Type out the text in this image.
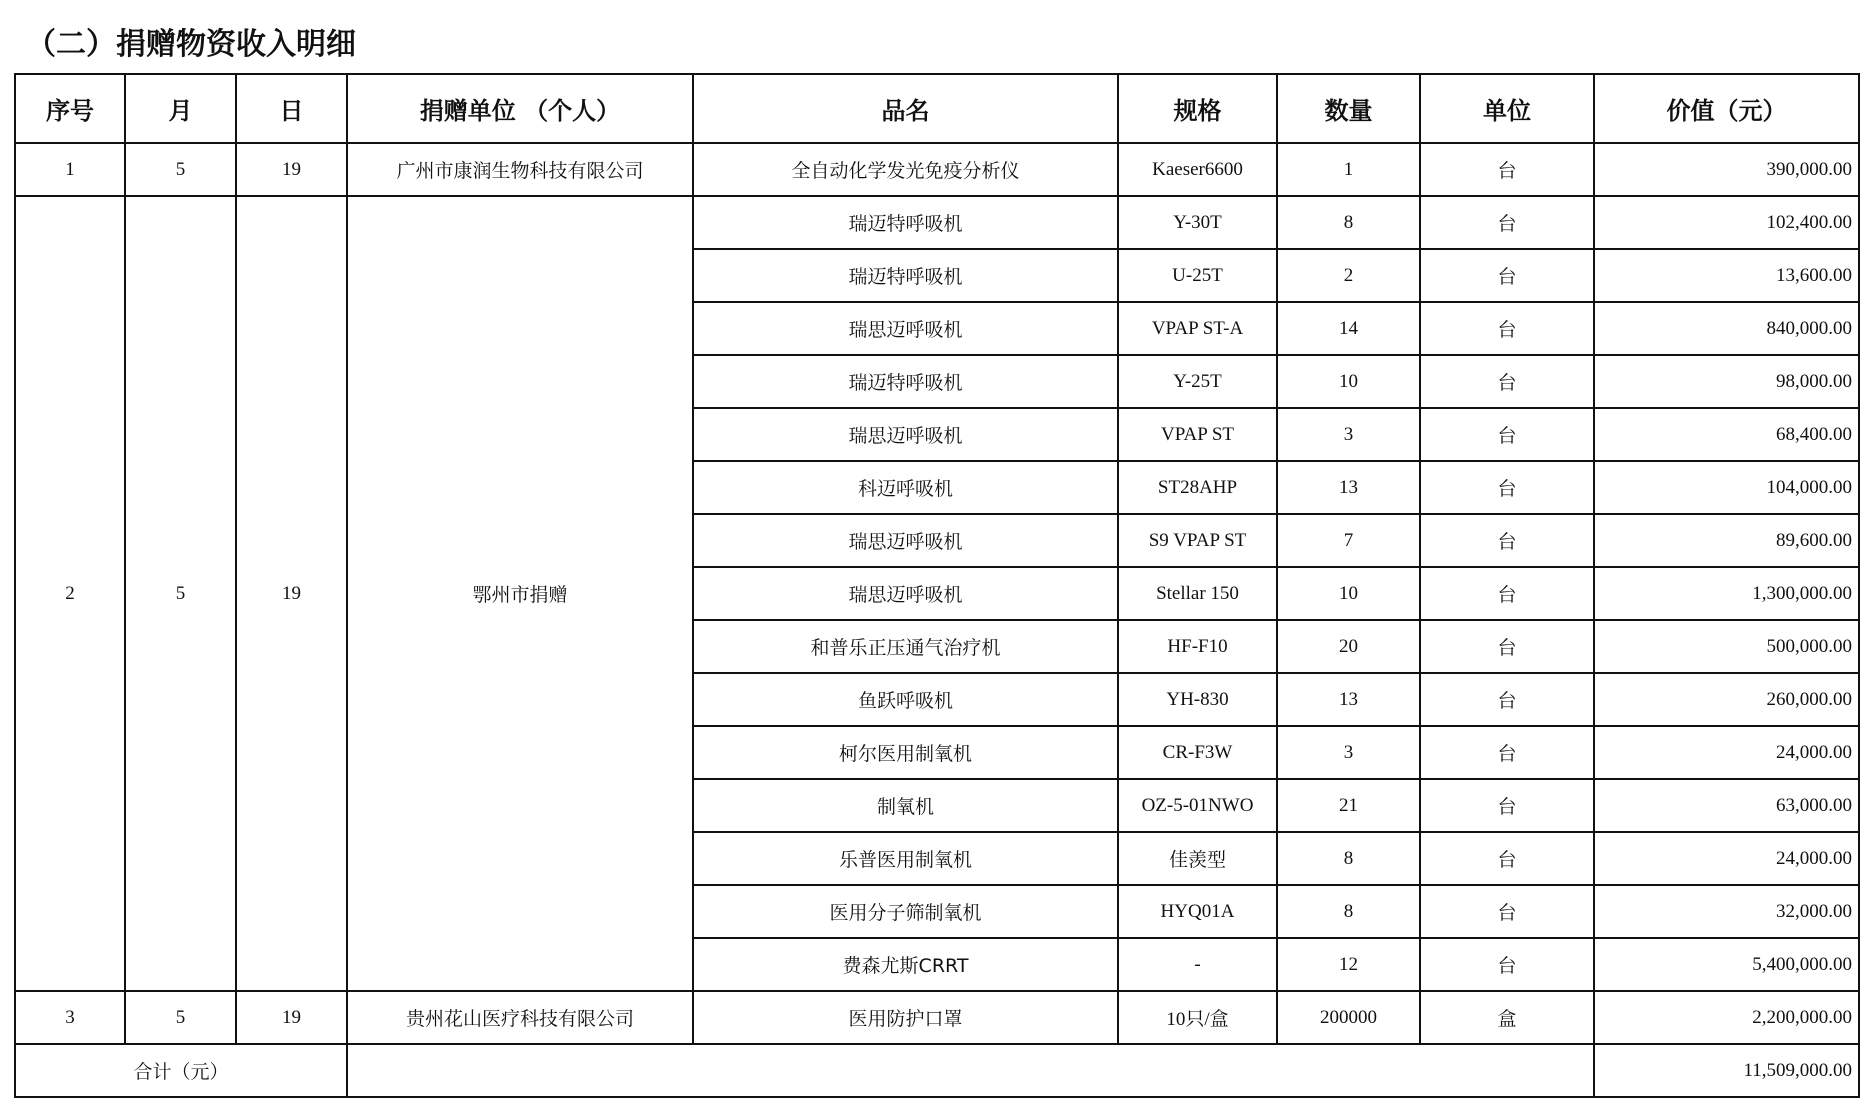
（二）捐赠物资收入明细
序号	月	日	捐赠单位 （个人）	品名	规格	数量	单位	价值（元）
1	5	19	广州市康润生物科技有限公司	全自动化学发光免疫分析仪	Kaeser6600	1	台	390,000.00
2	5	19	鄂州市捐赠	瑞迈特呼吸机	Y-30T	8	台	102,400.00
				瑞迈特呼吸机	U-25T	2	台	13,600.00
				瑞思迈呼吸机	VPAP ST-A	14	台	840,000.00
				瑞迈特呼吸机	Y-25T	10	台	98,000.00
				瑞思迈呼吸机	VPAP ST	3	台	68,400.00
				科迈呼吸机	ST28AHP	13	台	104,000.00
				瑞思迈呼吸机	S9 VPAP ST	7	台	89,600.00
				瑞思迈呼吸机	Stellar 150	10	台	1,300,000.00
				和普乐正压通气治疗机	HF-F10	20	台	500,000.00
				鱼跃呼吸机	YH-830	13	台	260,000.00
				柯尔医用制氧机	CR-F3W	3	台	24,000.00
				制氧机	OZ-5-01NWO	21	台	63,000.00
				乐普医用制氧机	佳羡型	8	台	24,000.00
				医用分子筛制氧机	HYQ01A	8	台	32,000.00
				费森尤斯CRRT	-	12	台	5,400,000.00
3	5	19	贵州花山医疗科技有限公司	医用防护口罩	10只/盒	200000	盒	2,200,000.00
合计（元）								11,509,000.00
